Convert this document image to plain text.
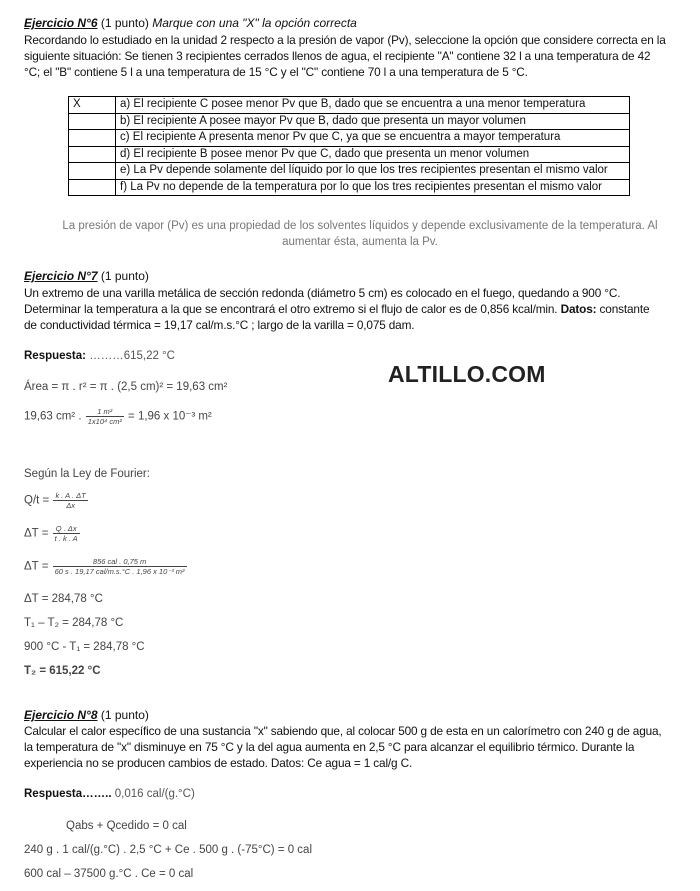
Ejercicio N°6 (1 punto) Marque con una "X" la opción correcta
Recordando lo estudiado en la unidad 2 respecto a la presión de vapor (Pv), seleccione la opción que considere correcta en la
siguiente situación: Se tienen 3 recipientes cerrados llenos de agua, el recipiente "A" contiene 32 l a una temperatura de 42
°C; el "B" contiene 5 l a una temperatura de 15 °C y el "C" contiene 70 l a una temperatura de 5 °C.
X	a) El recipiente C posee menor Pv que B, dado que se encuentra a una menor temperatura
	b) El recipiente A posee mayor Pv que B, dado que presenta un mayor volumen
	c) El recipiente A presenta menor Pv que C, ya que se encuentra a mayor temperatura
	d) El recipiente B posee menor Pv que C, dado que presenta un menor volumen
	e) La Pv depende solamente del líquido por lo que los tres recipientes presentan el mismo valor
	f) La Pv no depende de la temperatura por lo que los tres recipientes presentan el mismo valor
La presión de vapor (Pv) es una propiedad de los solventes líquidos y depende exclusivamente de la temperatura. Al
aumentar ésta, aumenta la Pv.
Ejercicio N°7 (1 punto)
Un extremo de una varilla metálica de sección redonda (diámetro 5 cm) es colocado en el fuego, quedando a 900 °C.
Determinar la temperatura a la que se encontrará el otro extremo si el flujo de calor es de 0,856 kcal/min. Datos: constante
de conductividad térmica = 19,17 cal/m.s.°C ; largo de la varilla = 0,075 dam.
Respuesta: ………615,22 °C
ALTILLO.COM
Área = π . r² = π . (2,5 cm)² = 19,63 cm²
19,63 cm² . $\frac{\text{1 m²}}{\text{1x10⁴ cm²}} = 1,96$ x 10⁻³ m²
Según la Ley de Fourier:
$Q/t = \frac{k . A . \Delta T}{\Delta x}$
$\Delta T = \frac{Q . \Delta x}{t . k . A}$
$\Delta T = \frac{\text{856 cal . 0,75 m}}{\text{60 s . 19,17 cal/m.s.°C . 1,96 x 10⁻³ m²}}$
ΔT = 284,78 °C
T₁ – T₂ = 284,78 °C
900 °C - T₁ = 284,78 °C
T₂ = 615,22 °C
Ejercicio N°8 (1 punto)
Calcular el calor específico de una sustancia "x" sabiendo que, al colocar 500 g de esta en un calorímetro con 240 g de agua,
la temperatura de "x" disminuye en 75 °C y la del agua aumenta en 2,5 °C para alcanzar el equilibrio térmico. Durante la
experiencia no se producen cambios de estado. Datos: Ce agua = 1 cal/g C.
Respuesta…….. 0,016 cal/(g.°C)
Qabs + Qcedido = 0 cal
240 g . 1 cal/(g.°C) . 2,5 °C + Ce . 500 g . (-75°C) = 0 cal
600 cal – 37500 g.°C . Ce = 0 cal
